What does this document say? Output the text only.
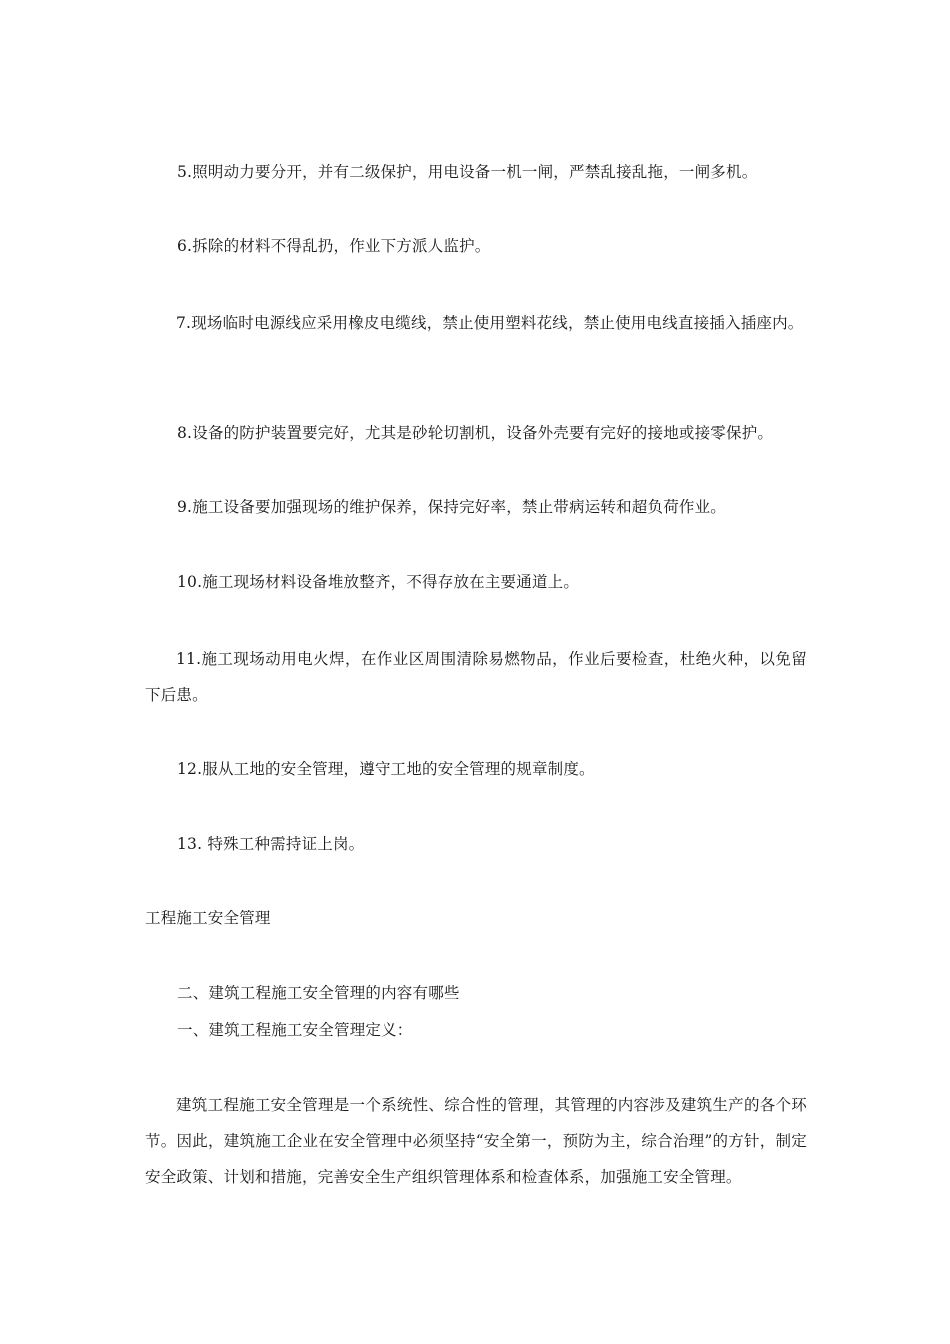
5.照明动力要分开，并有二级保护，用电设备一机一闸，严禁乱接乱拖，一闸多机。

6.拆除的材料不得乱扔，作业下方派人监护。

7.现场临时电源线应采用橡皮电缆线，禁止使用塑料花线，禁止使用电线直接插入插座内。

8.设备的防护装置要完好，尤其是砂轮切割机，设备外壳要有完好的接地或接零保护。

9.施工设备要加强现场的维护保养，保持完好率，禁止带病运转和超负荷作业。

10.施工现场材料设备堆放整齐，不得存放在主要通道上。

11.施工现场动用电火焊，在作业区周围清除易燃物品，作业后要检查，杜绝火种，以免留下后患。

12.服从工地的安全管理，遵守工地的安全管理的规章制度。

13. 特殊工种需持证上岗。

工程施工安全管理

二、建筑工程施工安全管理的内容有哪些

一、建筑工程施工安全管理定义：

建筑工程施工安全管理是一个系统性、综合性的管理，其管理的内容涉及建筑生产的各个环节。因此，建筑施工企业在安全管理中必须坚持“安全第一，预防为主，综合治理”的方针，制定安全政策、计划和措施，完善安全生产组织管理体系和检查体系，加强施工安全管理。
